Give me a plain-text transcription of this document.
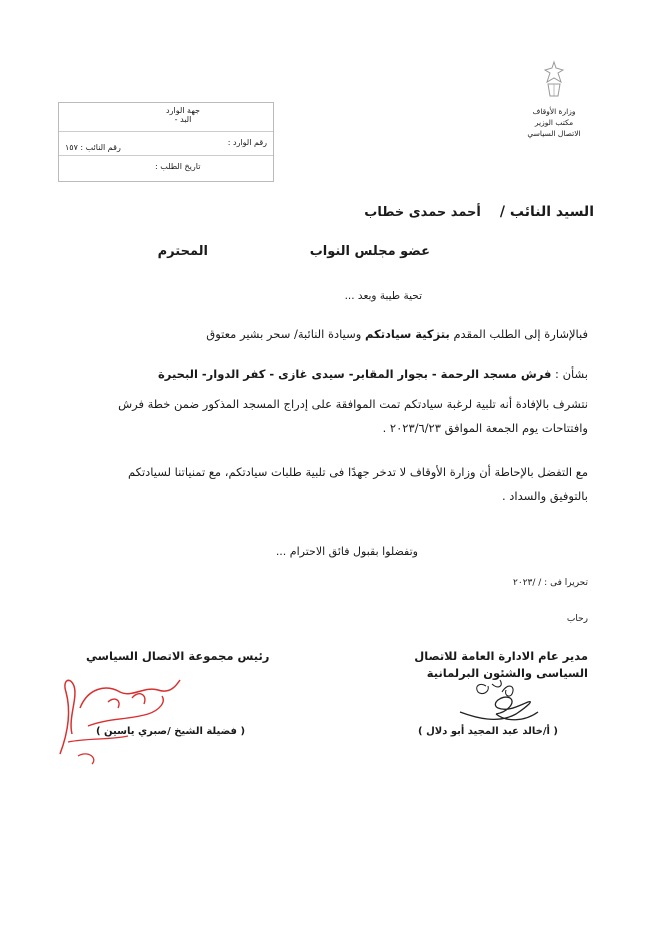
وزارة الأوقاف
مكتب الوزير
الاتصال السياسي
جهة الوارد
البد -
رقم الوارد :
رقم النائب : ١٥٧
تاريخ الطلب :
السيد النائب /  أحمد حمدى خطاب
عضو مجلس النواب
المحترم
تحية طيبة وبعد ...
فبالإشارة إلى الطلب المقدم بتزكية سيادتكم وسيادة النائبة/ سحر بشير معتوق
بشأن : فرش مسجد الرحمة - بجوار المقابر- سيدى غازى - كفر الدوار- البحيرة
نتشرف بالإفادة أنه تلبية لرغبة سيادتكم تمت الموافقة على إدراج المسجد المذكور ضمن خطة فرش
وافتتاحات يوم الجمعة الموافق ٢٠٢٣/٦/٢٣ .
مع التفضل بالإحاطة أن وزارة الأوقاف لا تدخر جهدًا فى تلبية طلبات سيادتكم، مع تمنياتنا لسيادتكم
بالتوفيق والسداد .
وتفضلوا بقبول فائق الاحترام ...
تحريرا فى : / /٢٠٢٣
رحاب
مدير عام الادارة العامة للاتصال
السياسى والشئون البرلمانية
( أ/خالد عبد المجيد أبو دلال )
رئيس مجموعة الاتصال السياسي
( فضيلة الشيخ /صبري ياسين )
